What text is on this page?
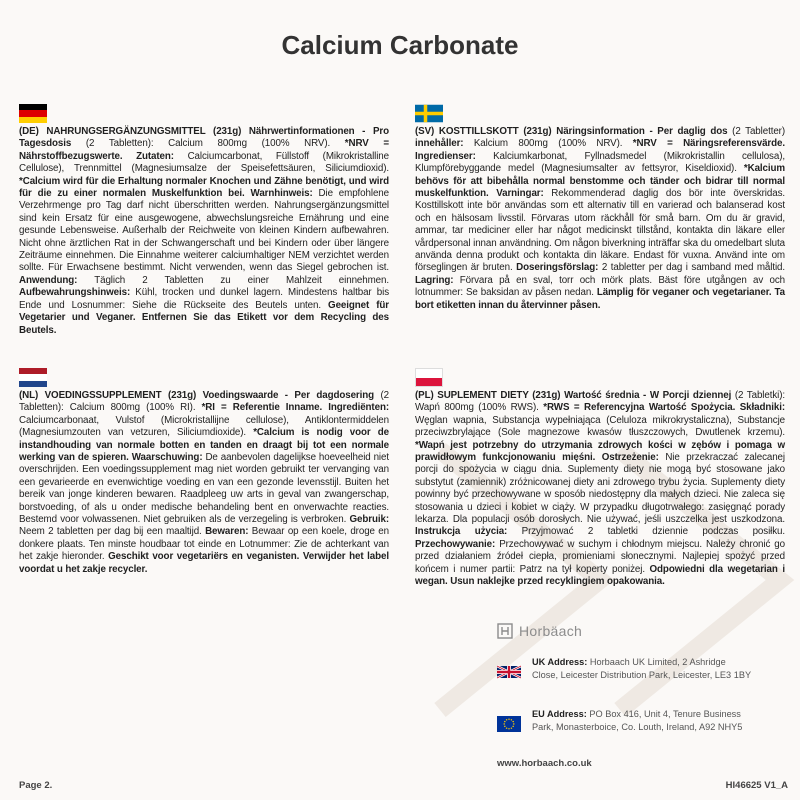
Calcium Carbonate
(DE) NAHRUNGSERGÄNZUNGSMITTEL (231g) Nährwertinformationen - Pro Tagesdosis (2 Tabletten): Calcium 800mg (100% NRV). *NRV = Nährstoffbezugswerte. Zutaten: Calciumcarbonat, Füllstoff (Mikrokristalline Cellulose), Trennmittel (Magnesiumsalze der Speisefettsäuren, Siliciumdioxid). *Calcium wird für die Erhaltung normaler Knochen und Zähne benötigt, und wird für die zu einer normalen Muskelfunktion bei. Warnhinweis: Die empfohlene Verzehrmenge pro Tag darf nicht überschritten werden. Nahrungsergänzungsmittel sind kein Ersatz für eine ausgewogene, abwechslungsreiche Ernährung und eine gesunde Lebensweise. Außerhalb der Reichweite von kleinen Kindern aufbewahren. Nicht ohne ärztlichen Rat in der Schwangerschaft und bei Kindern oder über längere Zeiträume einnehmen. Die Einnahme weiterer calciumhaltiger NEM verzichtet werden sollte. Für Erwachsene bestimmt. Nicht verwenden, wenn das Siegel gebrochen ist. Anwendung: Täglich 2 Tabletten zu einer Mahlzeit einnehmen. Aufbewahrungshinweis: Kühl, trocken und dunkel lagern. Mindestens haltbar bis Ende und Losnummer: Siehe die Rückseite des Beutels unten. Geeignet für Vegetarier und Veganer. Entfernen Sie das Etikett vor dem Recycling des Beutels.
(SV) KOSTTILLSKOTT (231g) Näringsinformation - Per daglig dos (2 Tabletter) innehåller: Kalcium 800mg (100% NRV). *NRV = Näringsreferensvärde. Ingredienser: Kalciumkarbonat, Fyllnadsmedel (Mikrokristallin cellulosa), Klumpförebyggande medel (Magnesiumsalter av fettsyror, Kiseldioxid). *Kalcium behövs för att bibehålla normal benstomme och tänder och bidrar till normal muskelfunktion. Varningar: Rekommenderad daglig dos bör inte överskridas. Kosttillskott inte bör användas som ett alternativ till en varierad och balanserad kost och en hälsosam livsstil. Förvaras utom räckhåll för små barn. Om du är gravid, ammar, tar mediciner eller har något medicinskt tillstånd, kontakta din läkare eller vårdpersonal innan användning. Om någon biverkning inträffar ska du omedelbart sluta använda denna produkt och kontakta din läkare. Endast för vuxna. Använd inte om förseglingen är bruten. Doseringsförslag: 2 tabletter per dag i samband med måltid. Lagring: Förvara på en sval, torr och mörk plats. Bäst före utgången av och lotnummer: Se baksidan av påsen nedan. Lämplig för veganer och vegetarianer. Ta bort etiketten innan du återvinner påsen.
(NL) VOEDINGSSUPPLEMENT (231g) Voedingswaarde - Per dagdosering (2 Tabletten): Calcium 800mg (100% RI). *RI = Referentie Inname. Ingrediënten: Calciumcarbonaat, Vulstof (Microkristallijne cellulose), Antiklontermiddelen (Magnesiumzouten van vetzuren, Siliciumdioxide). *Calcium is nodig voor de instandhouding van normale botten en tanden en draagt bij tot een normale werking van de spieren. Waarschuwing: De aanbevolen dagelijkse hoeveelheid niet overschrijden. Een voedingssupplement mag niet worden gebruikt ter vervanging van een gevarieerde en evenwichtige voeding en van een gezonde levensstijl. Buiten het bereik van jonge kinderen bewaren. Raadpleeg uw arts in geval van zwangerschap, borstvoeding, of als u onder medische behandeling bent en onverwachte reacties. Bestemd voor volwassenen. Niet gebruiken als de verzegeling is verbroken. Gebruik: Neem 2 tabletten per dag bij een maaltijd. Bewaren: Bewaar op een koele, droge en donkere plaats. Ten minste houdbaar tot einde en Lotnummer: Zie de achterkant van het zakje hieronder. Geschikt voor vegetariërs en veganisten. Verwijder het label voordat u het zakje recycler.
(PL) SUPLEMENT DIETY (231g) Wartość średnia - W Porcji dziennej (2 Tabletki): Wapń 800mg (100% RWS). *RWS = Referencyjna Wartość Spożycia. Składniki: Węglan wapnia, Substancja wypełniająca (Celuloza mikrokrystaliczna), Substancje przeciwzbrylające (Sole magnezowe kwasów tłuszczowych, Dwutlenek krzemu). *Wapń jest potrzebny do utrzymania zdrowych kości w zębów i pomaga w prawidłowym funkcjonowaniu mięśni. Ostrzeżenie: Nie przekraczać zalecanej porcji do spożycia w ciągu dnia. Suplementy diety nie mogą być stosowane jako substytut (zamiennik) zróżnicowanej diety ani zdrowego trybu życia. Suplementy diety powinny być przechowywane w sposób niedostępny dla małych dzieci. Nie zaleca się stosowania u dzieci i kobiet w ciąży. W przypadku długotrwałego: zasięgnąć porady lekarza. Dla populacji osób dorosłych. Nie używać, jeśli uszczelka jest uszkodzona. Instrukcja użycia: Przyjmować 2 tabletki dziennie podczas posiłku. Przechowywanie: Przechowywać w suchym i chłodnym miejscu. Należy chronić go przed działaniem źródeł ciepła, promieniami słonecznymi. Najlepiej spożyć przed końcem i numer partii: Patrz na tył koperty poniżej. Odpowiedni dla wegetarian i wegan. Usun naklejke przed recyklingiem opakowania.
Horbäach
UK Address: Horbaach UK Limited, 2 Ashridge Close, Leicester Distribution Park, Leicester, LE3 1BY
EU Address: PO Box 416, Unit 4, Tenure Business Park, Monasterboice, Co. Louth, Ireland, A92 NHY5
www.horbaach.co.uk
Page 2.	HI46625 V1_A
